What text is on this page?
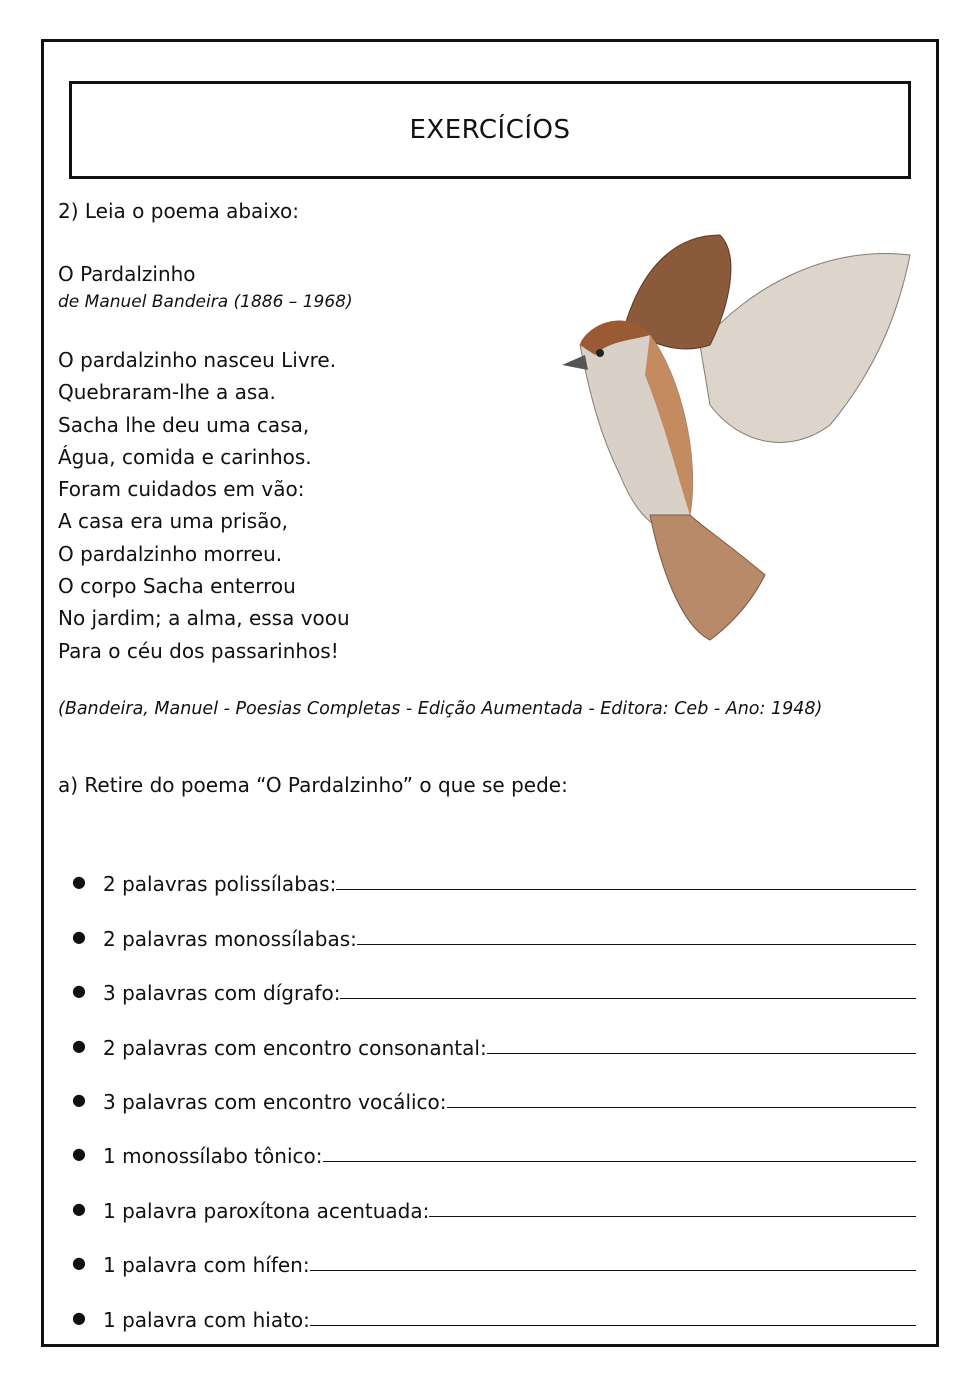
EXERCÍCÍOS
2) Leia o poema abaixo:
O Pardalzinho
de Manuel Bandeira (1886 – 1968)
O pardalzinho nasceu Livre.
Quebraram-lhe a asa.
Sacha lhe deu uma casa,
Água, comida e carinhos.
Foram cuidados em vão:
A casa era uma prisão,
O pardalzinho morreu.
O corpo Sacha enterrou
No jardim; a alma, essa voou
Para o céu dos passarinhos!
(Bandeira, Manuel - Poesias Completas - Edição Aumentada - Editora: Ceb - Ano: 1948)
a) Retire do poema “O Pardalzinho” o que se pede:
● 2 palavras polissílabas:
● 2 palavras monossílabas:
● 3 palavras com dígrafo:
● 2 palavras com encontro consonantal:
● 3 palavras com encontro vocálico:
● 1 monossílabo tônico:
● 1 palavra paroxítona acentuada:
● 1 palavra com hífen:
● 1 palavra com hiato:
